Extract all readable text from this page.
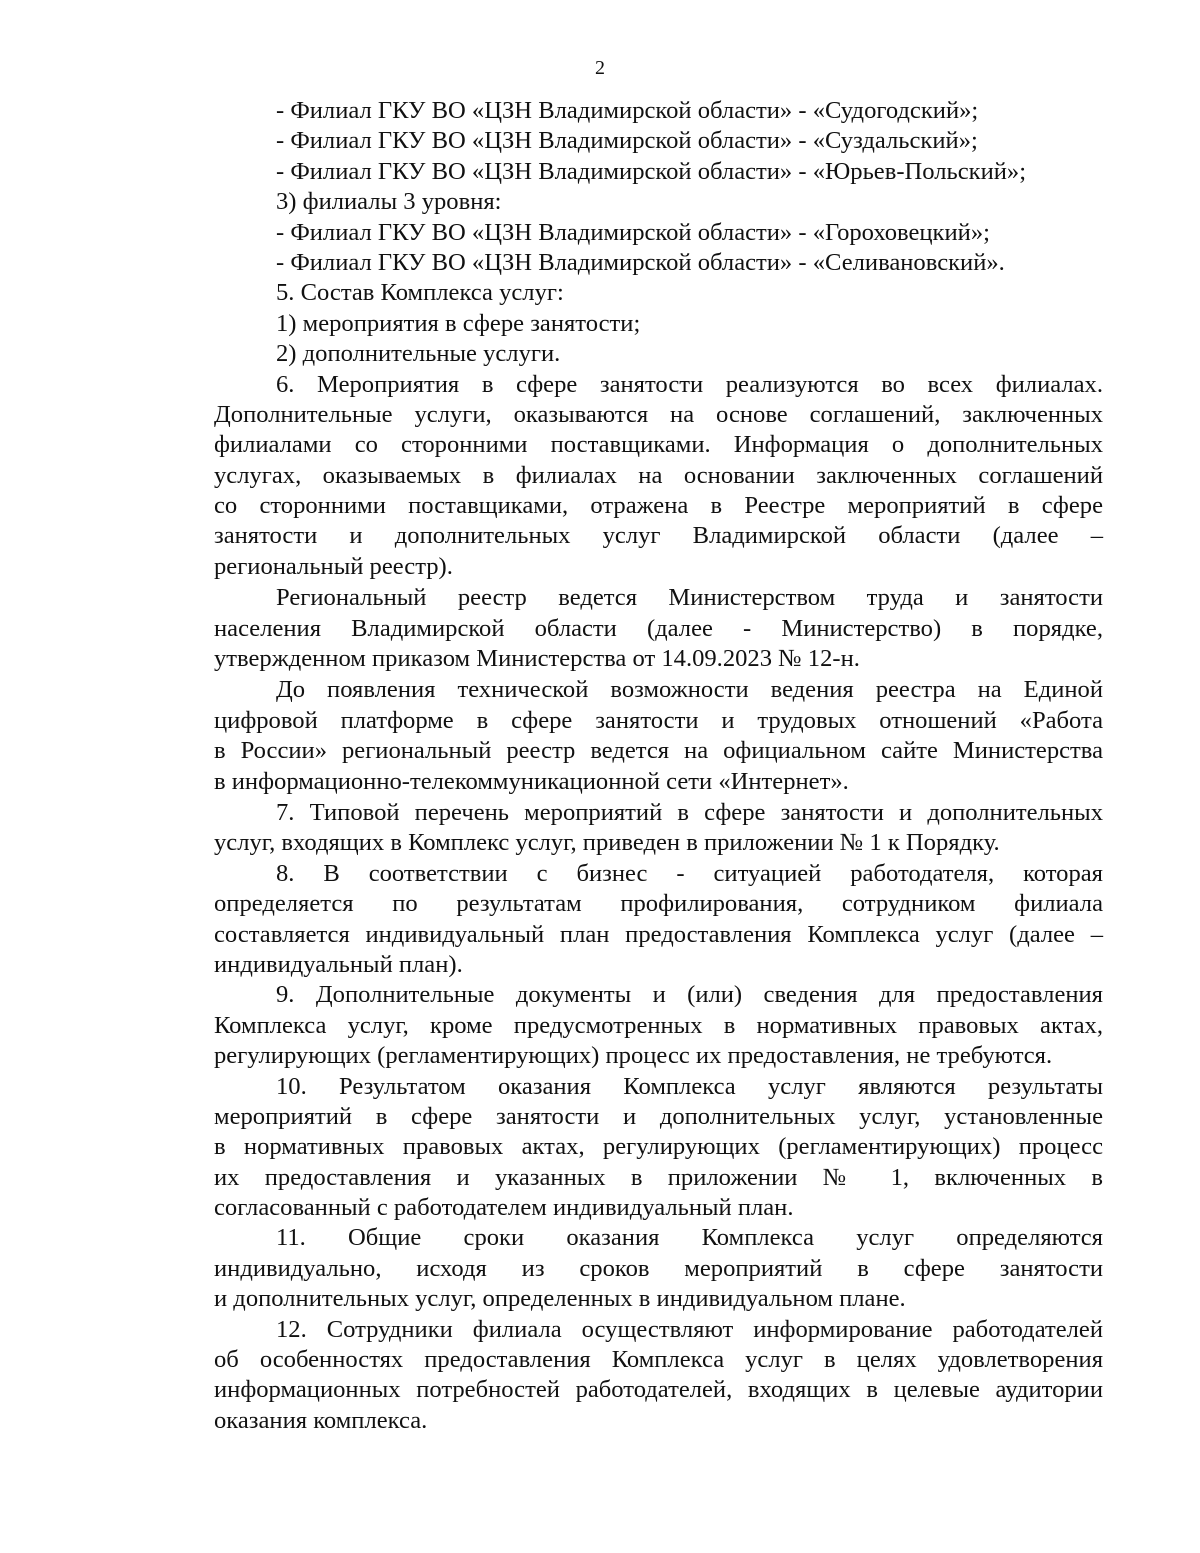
2
- Филиал ГКУ ВО «ЦЗН Владимирской области» - «Судогодский»;
- Филиал ГКУ ВО «ЦЗН Владимирской области» - «Суздальский»;
- Филиал ГКУ ВО «ЦЗН Владимирской области» - «Юрьев-Польский»;
3) филиалы 3 уровня:
- Филиал ГКУ ВО «ЦЗН Владимирской области» - «Гороховецкий»;
- Филиал ГКУ ВО «ЦЗН Владимирской области» - «Селивановский».
5. Состав Комплекса услуг:
1) мероприятия в сфере занятости;
2) дополнительные услуги.
6. Мероприятия в сфере занятости реализуются во всех филиалах.
Дополнительные услуги, оказываются на основе соглашений, заключенных
филиалами со сторонними поставщиками. Информация о дополнительных
услугах, оказываемых в филиалах на основании заключенных соглашений
со сторонними поставщиками, отражена в Реестре мероприятий в сфере
занятости и дополнительных услуг Владимирской области (далее –
региональный реестр).
Региональный реестр ведется Министерством труда и занятости
населения Владимирской области (далее - Министерство) в порядке,
утвержденном приказом Министерства от 14.09.2023 № 12-н.
До появления технической возможности ведения реестра на Единой
цифровой платформе в сфере занятости и трудовых отношений «Работа
в России» региональный реестр ведется на официальном сайте Министерства
в информационно-телекоммуникационной сети «Интернет».
7. Типовой перечень мероприятий в сфере занятости и дополнительных
услуг, входящих в Комплекс услуг, приведен в приложении № 1 к Порядку.
8. В соответствии с бизнес - ситуацией работодателя, которая
определяется по результатам профилирования, сотрудником филиала
составляется индивидуальный план предоставления Комплекса услуг (далее –
индивидуальный план).
9. Дополнительные документы и (или) сведения для предоставления
Комплекса услуг, кроме предусмотренных в нормативных правовых актах,
регулирующих (регламентирующих) процесс их предоставления, не требуются.
10. Результатом оказания Комплекса услуг являются результаты
мероприятий в сфере занятости и дополнительных услуг, установленные
в нормативных правовых актах, регулирующих (регламентирующих) процесс
их предоставления и указанных в приложении № 1, включенных в
согласованный с работодателем индивидуальный план.
11. Общие сроки оказания Комплекса услуг определяются
индивидуально, исходя из сроков мероприятий в сфере занятости
и дополнительных услуг, определенных в индивидуальном плане.
12. Сотрудники филиала осуществляют информирование работодателей
об особенностях предоставления Комплекса услуг в целях удовлетворения
информационных потребностей работодателей, входящих в целевые аудитории
оказания комплекса.
